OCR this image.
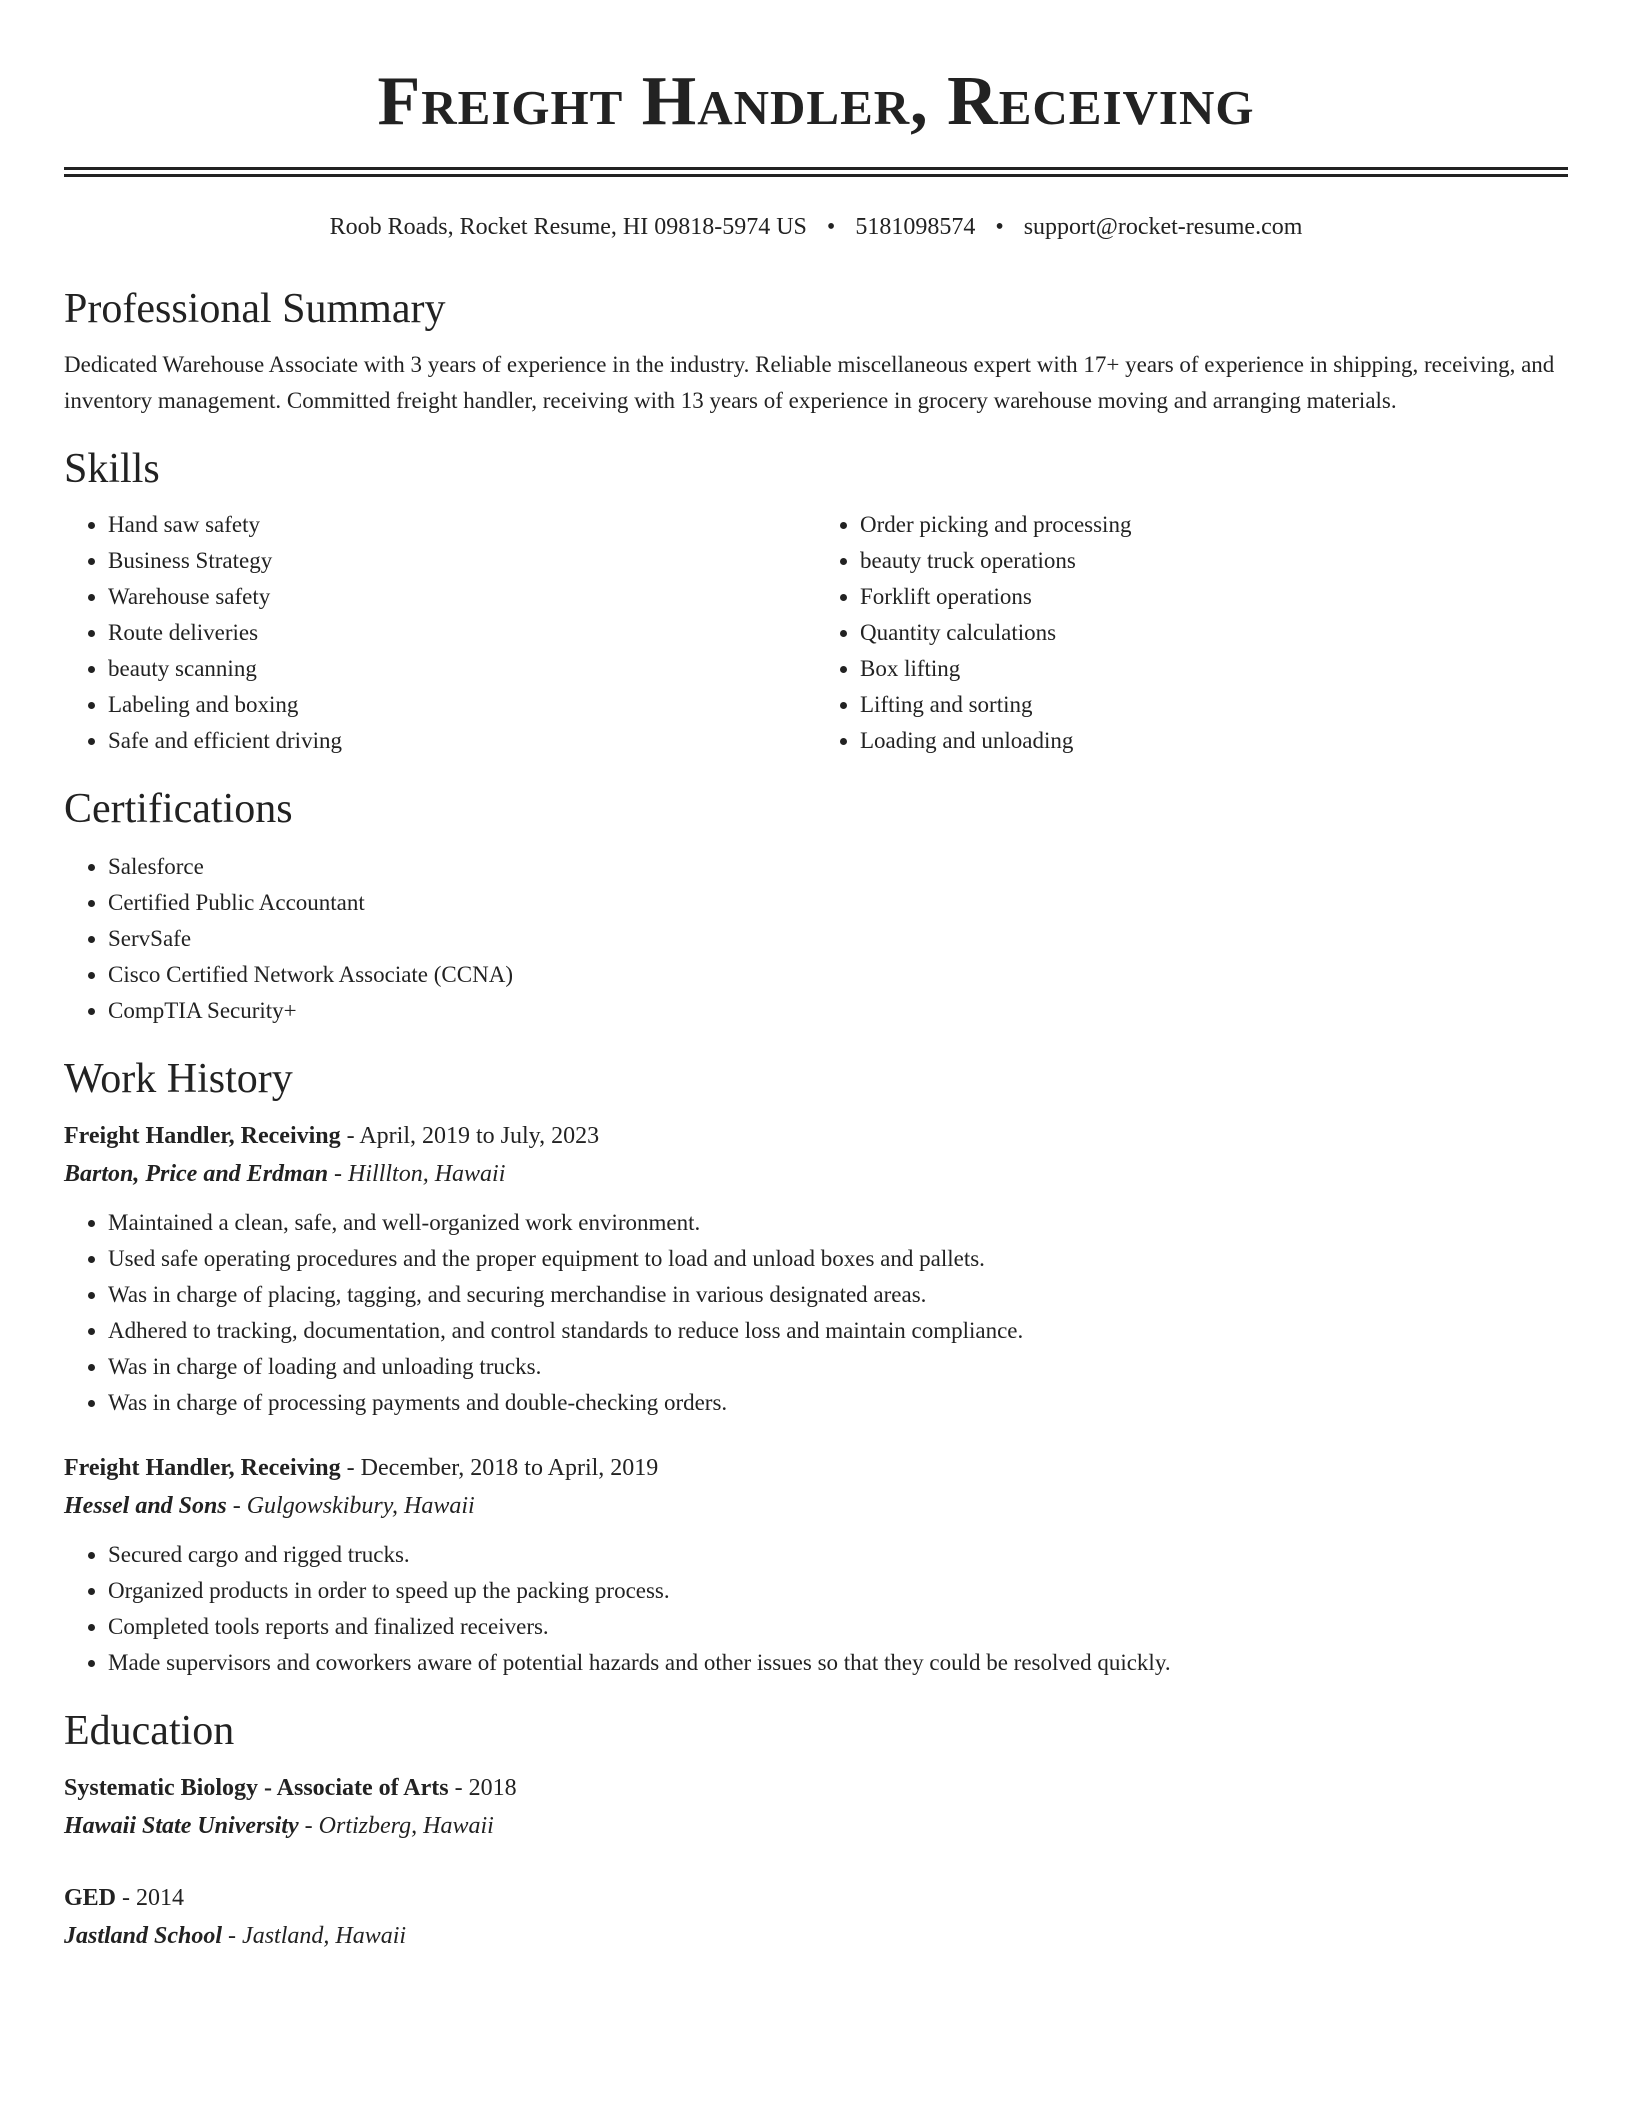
Freight Handler, Receiving
Roob Roads, Rocket Resume, HI 09818-5974 US • 5181098574 • support@rocket-resume.com
Professional Summary

Dedicated Warehouse Associate with 3 years of experience in the industry. Reliable miscellaneous expert with 17+ years of experience in shipping, receiving, and inventory management. Committed freight handler, receiving with 13 years of experience in grocery warehouse moving and arranging materials.

Skills
• Hand saw safety
• Business Strategy
• Warehouse safety
• Route deliveries
• beauty scanning
• Labeling and boxing
• Safe and efficient driving
• Order picking and processing
• beauty truck operations
• Forklift operations
• Quantity calculations
• Box lifting
• Lifting and sorting
• Loading and unloading
Certifications
• Salesforce
• Certified Public Accountant
• ServSafe
• Cisco Certified Network Associate (CCNA)
• CompTIA Security+
Work History
Freight Handler, Receiving - April, 2019 to July, 2023
Barton, Price and Erdman - Hilllton, Hawaii
• Maintained a clean, safe, and well-organized work environment.
• Used safe operating procedures and the proper equipment to load and unload boxes and pallets.
• Was in charge of placing, tagging, and securing merchandise in various designated areas.
• Adhered to tracking, documentation, and control standards to reduce loss and maintain compliance.
• Was in charge of loading and unloading trucks.
• Was in charge of processing payments and double-checking orders.
Freight Handler, Receiving - December, 2018 to April, 2019
Hessel and Sons - Gulgowskibury, Hawaii
• Secured cargo and rigged trucks.
• Organized products in order to speed up the packing process.
• Completed tools reports and finalized receivers.
• Made supervisors and coworkers aware of potential hazards and other issues so that they could be resolved quickly.
Education
Systematic Biology - Associate of Arts - 2018
Hawaii State University - Ortizberg, Hawaii
GED - 2014
Jastland School - Jastland, Hawaii
